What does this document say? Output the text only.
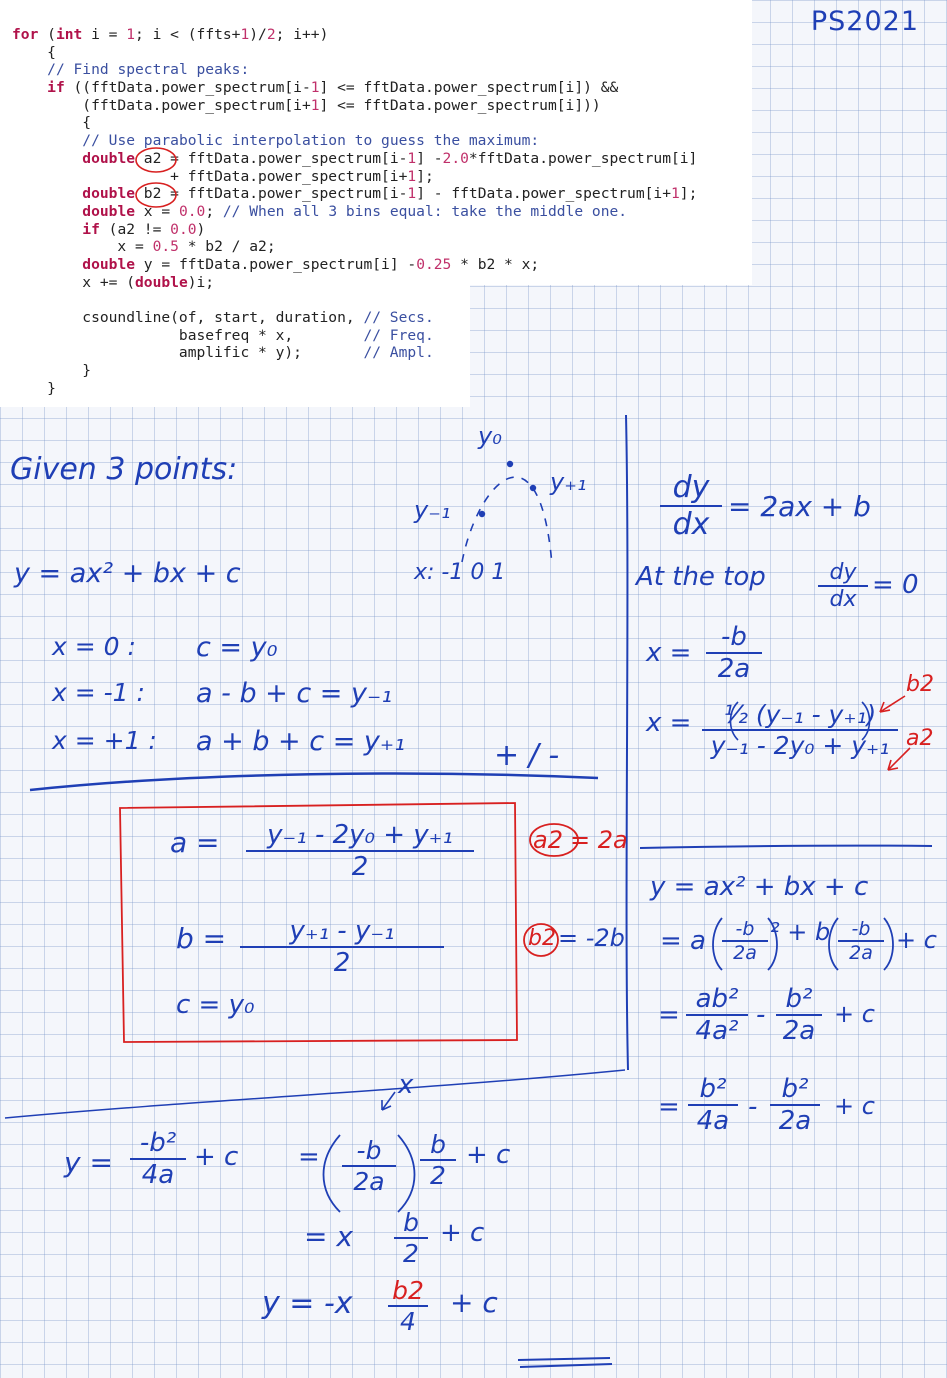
for (int i = 1; i < (ffts+1)/2; i++)
{
// Find spectral peaks:
if ((fftData.power_spectrum[i-1] <= fftData.power_spectrum[i]) &&
(fftData.power_spectrum[i+1] <= fftData.power_spectrum[i]))
{
// Use parabolic interpolation to guess the maximum:
double a2 = fftData.power_spectrum[i-1] -2.0*fftData.power_spectrum[i]
+ fftData.power_spectrum[i+1];
double b2 = fftData.power_spectrum[i-1] - fftData.power_spectrum[i+1];
double x = 0.0; // When all 3 bins equal: take the middle one.
if (a2 != 0.0)
x = 0.5 * b2 / a2;
double y = fftData.power_spectrum[i] -0.25 * b2 * x;
x += (double)i;

csoundline(of, start, duration, // Secs.
basefreq * x,        // Freq.
amplific * y);       // Ampl.
}
}
PS2021
Given 3 points:
y = ax² + bx + c
x = 0 : c = y₀
x = -1 : a - b + c = y₋₁
x = +1 : a + b + c = y₊₁	+ / -
y₀
y₋₁
y₊₁
x: -1 0 1
$a = \frac{\text{y₋₁ - 2y₀ + y₊₁}}{2}$
$b = \frac{\text{y₊₁ - y₋₁}}{2}$
c = y₀
a2 = 2a
b2 = -2b
$\frac{dy}{dx} = 2ax + b$
At the top $\frac{dy}{dx} = 0$
$x = \frac{-b}{2a}$
$x = \frac{\text{½ (y₋₁ - y₊₁)}}{\text{y₋₁ - 2y₀ + y₊₁}}$
b2
a2
y = ax² + bx + c
= a $\frac{-b}{2a} ^2 + b \frac{-b}{2a} + c$
= $\frac{\text{ab²}}{\text{4a²}} - \frac{\text{b²}}{2a} + c$
= $\frac{\text{b²}}{4a} - \frac{\text{b²}}{2a} + c$
$y = \frac{\text{-b²}}{4a} + c$
x
= $\frac{-b}{2a} \frac{b}{2} + c$
= x $\frac{b}{2} + c$
$y = -x \frac{b2}{4} + c$
